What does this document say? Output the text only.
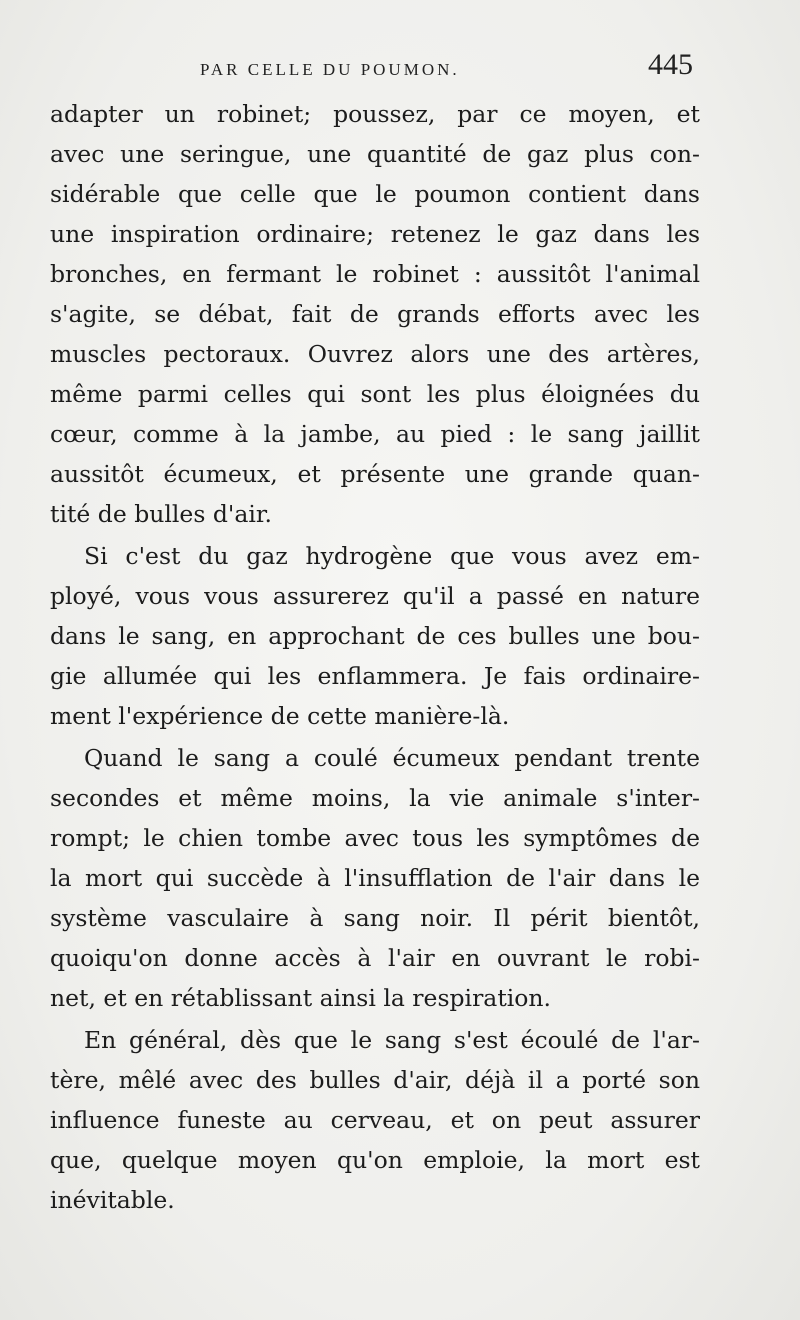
PAR CELLE DU POUMON.	445
adapter un robinet; poussez, par ce moyen, et
avec une seringue, une quantité de gaz plus con-
sidérable que celle que le poumon contient dans
une inspiration ordinaire; retenez le gaz dans les
bronches, en fermant le robinet : aussitôt l'animal
s'agite, se débat, fait de grands efforts avec les
muscles pectoraux. Ouvrez alors une des artères,
même parmi celles qui sont les plus éloignées du
cœur, comme à la jambe, au pied : le sang jaillit
aussitôt écumeux, et présente une grande quan-
tité de bulles d'air.
Si c'est du gaz hydrogène que vous avez em-
ployé, vous vous assurerez qu'il a passé en nature
dans le sang, en approchant de ces bulles une bou-
gie allumée qui les enflammera. Je fais ordinaire-
ment l'expérience de cette manière-là.
Quand le sang a coulé écumeux pendant trente
secondes et même moins, la vie animale s'inter-
rompt; le chien tombe avec tous les symptômes de
la mort qui succède à l'insufflation de l'air dans le
système vasculaire à sang noir. Il périt bientôt,
quoiqu'on donne accès à l'air en ouvrant le robi-
net, et en rétablissant ainsi la respiration.
En général, dès que le sang s'est écoulé de l'ar-
tère, mêlé avec des bulles d'air, déjà il a porté son
influence funeste au cerveau, et on peut assurer
que, quelque moyen qu'on emploie, la mort est
inévitable.
